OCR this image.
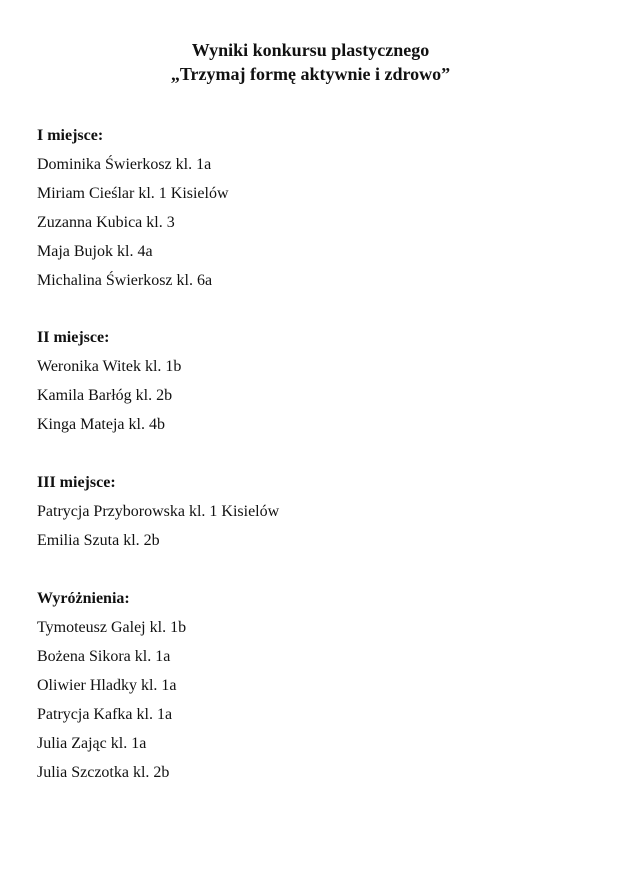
Wyniki konkursu plastycznego
„Trzymaj formę aktywnie i zdrowo”
I miejsce:
Dominika Świerkosz kl. 1a
Miriam Cieślar kl. 1 Kisielów
Zuzanna Kubica kl. 3
Maja Bujok kl. 4a
Michalina Świerkosz kl. 6a
II miejsce:
Weronika Witek kl. 1b
Kamila Barłóg kl. 2b
Kinga Mateja kl. 4b
III miejsce:
Patrycja Przyborowska kl. 1 Kisielów
Emilia Szuta kl. 2b
Wyróżnienia:
Tymoteusz Galej kl. 1b
Bożena Sikora kl. 1a
Oliwier Hladky kl. 1a
Patrycja Kafka kl. 1a
Julia Zając kl. 1a
Julia Szczotka kl. 2b
